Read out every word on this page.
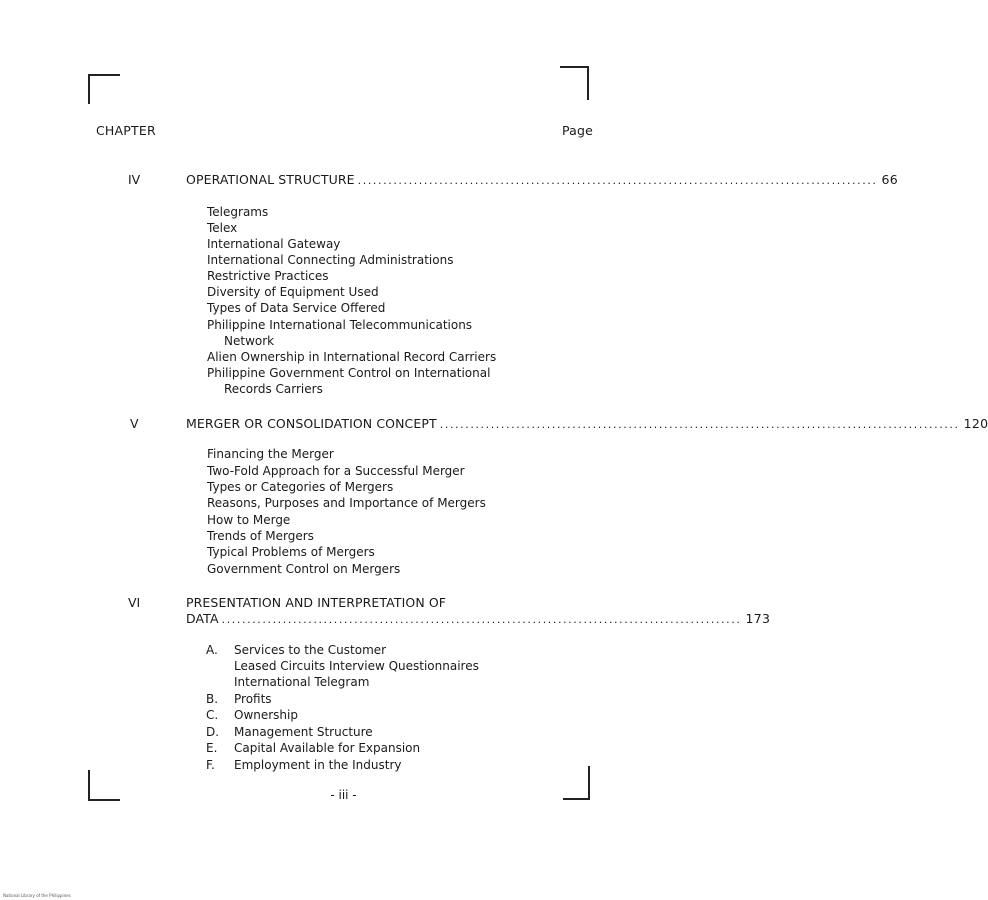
CHAPTER	Page
IV	OPERATIONAL STRUCTURE ...................................................................................................... 66
Telegrams
Telex
International Gateway
International Connecting Administrations
Restrictive Practices
Diversity of Equipment Used
Types of Data Service Offered
Philippine International Telecommunications
Network
Alien Ownership in International Record Carriers
Philippine Government Control on International
Records Carriers
V	MERGER OR CONSOLIDATION CONCEPT ...................................................................................................... 120
Financing the Merger
Two-Fold Approach for a Successful Merger
Types or Categories of Mergers
Reasons, Purposes and Importance of Mergers
How to Merge
Trends of Mergers
Typical Problems of Mergers
Government Control on Mergers
VI	PRESENTATION AND INTERPRETATION OF
DATA ...................................................................................................... 173
A. Services to the Customer
Leased Circuits Interview Questionnaires
International Telegram
B. Profits
C. Ownership
D. Management Structure
E. Capital Available for Expansion
F. Employment in the Industry
- iii -
National Library of the Philippines
